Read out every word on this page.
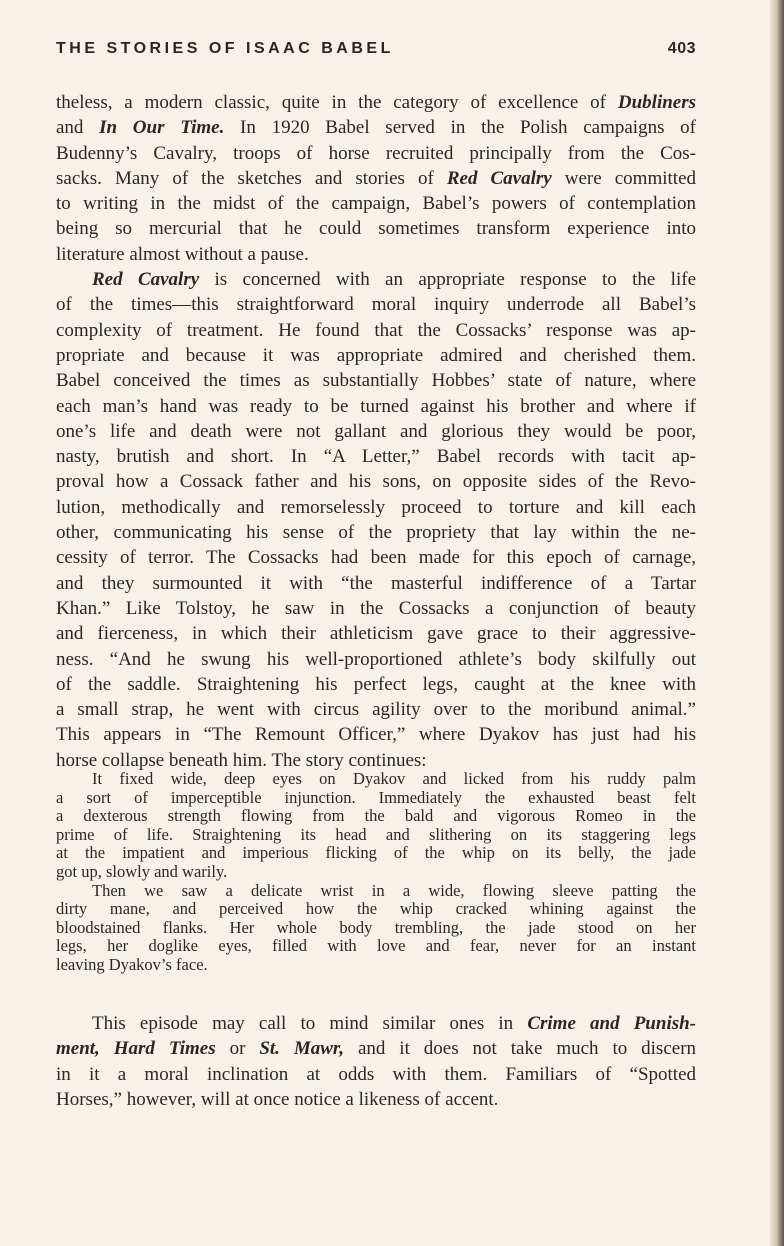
THE STORIES OF ISAAC BABEL	403
theless, a modern classic, quite in the category of excellence of Dubliners
and In Our Time. In 1920 Babel served in the Polish campaigns of
Budenny’s Cavalry, troops of horse recruited principally from the Cos-
sacks. Many of the sketches and stories of Red Cavalry were committed
to writing in the midst of the campaign, Babel’s powers of contemplation
being so mercurial that he could sometimes transform experience into
literature almost without a pause.
Red Cavalry is concerned with an appropriate response to the life
of the times—this straightforward moral inquiry underrode all Babel’s
complexity of treatment. He found that the Cossacks’ response was ap-
propriate and because it was appropriate admired and cherished them.
Babel conceived the times as substantially Hobbes’ state of nature, where
each man’s hand was ready to be turned against his brother and where if
one’s life and death were not gallant and glorious they would be poor,
nasty, brutish and short. In “A Letter,” Babel records with tacit ap-
proval how a Cossack father and his sons, on opposite sides of the Revo-
lution, methodically and remorselessly proceed to torture and kill each
other, communicating his sense of the propriety that lay within the ne-
cessity of terror. The Cossacks had been made for this epoch of carnage,
and they surmounted it with “the masterful indifference of a Tartar
Khan.” Like Tolstoy, he saw in the Cossacks a conjunction of beauty
and fierceness, in which their athleticism gave grace to their aggressive-
ness. “And he swung his well-proportioned athlete’s body skilfully out
of the saddle. Straightening his perfect legs, caught at the knee with
a small strap, he went with circus agility over to the moribund animal.”
This appears in “The Remount Officer,” where Dyakov has just had his
horse collapse beneath him. The story continues:
It fixed wide, deep eyes on Dyakov and licked from his ruddy palm
a sort of imperceptible injunction. Immediately the exhausted beast felt
a dexterous strength flowing from the bald and vigorous Romeo in the
prime of life. Straightening its head and slithering on its staggering legs
at the impatient and imperious flicking of the whip on its belly, the jade
got up, slowly and warily.
Then we saw a delicate wrist in a wide, flowing sleeve patting the
dirty mane, and perceived how the whip cracked whining against the
bloodstained flanks. Her whole body trembling, the jade stood on her
legs, her doglike eyes, filled with love and fear, never for an instant
leaving Dyakov’s face.
This episode may call to mind similar ones in Crime and Punish-
ment, Hard Times or St. Mawr, and it does not take much to discern
in it a moral inclination at odds with them. Familiars of “Spotted
Horses,” however, will at once notice a likeness of accent.
